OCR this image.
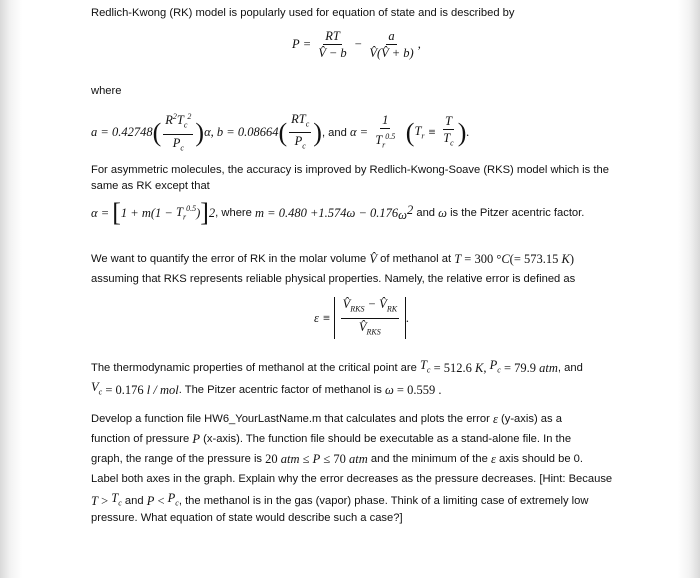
Redlich-Kwong (RK) model is popularly used for equation of state and is described by
$P = \frac{RT}{V̂ - b} - \frac{a}{V̂(V̂ + b)}$ ,
where
a = 0.42748 ( $\frac{R^2T_c^2}{P_c}$ ) α , b = 0.08664 ( $\frac{RT_c}{P_c}$ ) , and $\alpha = \frac{1}{T_r^{0.5}}$ ( $T_r \equiv \frac{T}{T_c}$ ) .
For asymmetric molecules, the accuracy is improved by Redlich-Kwong-Soave (RKS) model which is the same as RK except that
α = [ 1 + m ($1 - T_r^{0.5}$ ) ] 2 , where m = 0.480 + 1.574 ω − 0.176 $\omega^2$ and ω
is the Pitzer acentric factor.
We want to quantify the error of RK in the molar volume V̂ of methanol at T = 300 ° C (= 573.15 K )
assuming that RKS represents reliable physical properties. Namely, the relative error is defined as
$\varepsilon \equiv \frac{V̂_{RKS} - V̂_{RK}}{V̂_{RKS}}$ .
The thermodynamic properties of methanol at the critical point are $T_c = 512.6$ K , $P_c = 79.9$ atm , and
$V_c = 0.176$ l / mol . The Pitzer acentric factor of methanol is ω = 0.559 .
Develop a function file HW6_YourLastName.m that calculates and plots the error ε (y-axis) as a
function of pressure P (x-axis). The function file should be executable as a stand-alone file. In the
graph, the range of the pressure is
20 atm ≤ P ≤ 70 atm and the minimum of the ε axis should be 0.
Label both axes in the graph. Explain why the error decreases as the pressure decreases. [Hint: Because
$T > T_c$ and $P < P_c$ , the methanol is in the gas (vapor) phase. Think of a limiting case of extremely low
pressure. What equation of state would describe such a case?]
